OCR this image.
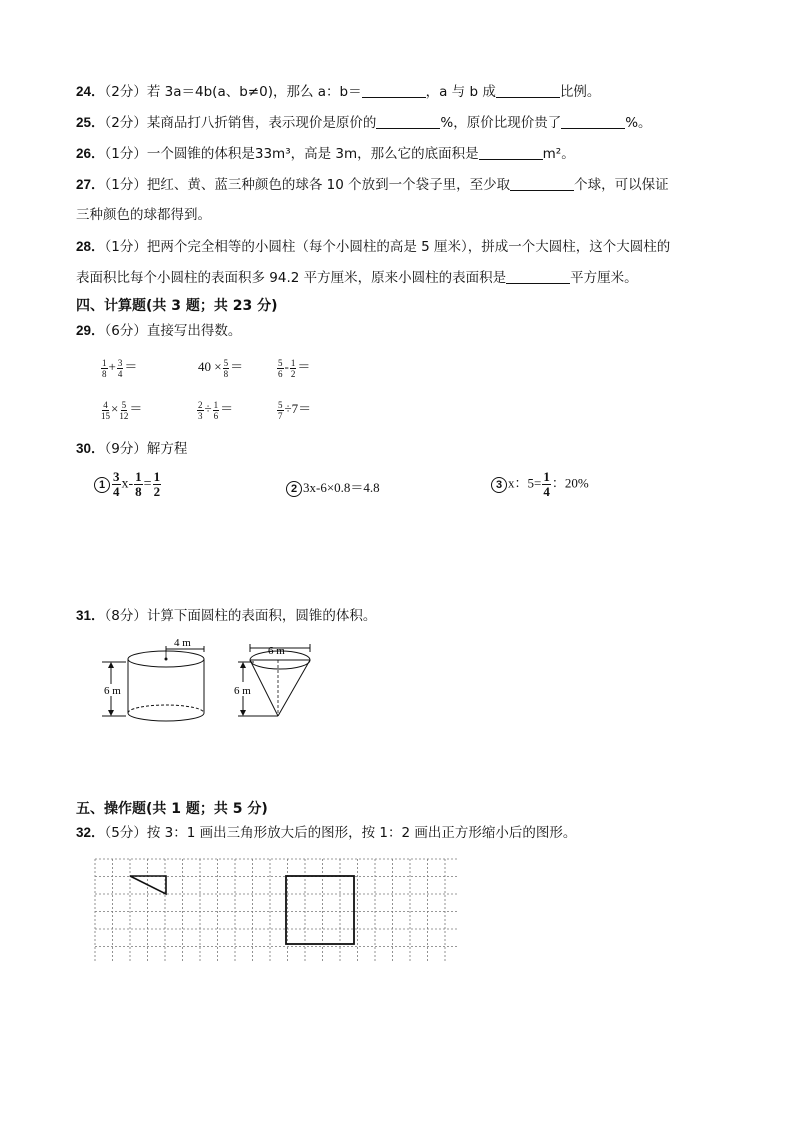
24．（2分）若 3a＝4b(a、b≠0)，那么 a：b＝	，a 与 b 成	比例。
25．（2分）某商品打八折销售，表示现价是原价的	%，原价比现价贵了	%。
26．（1分）一个圆锥的体积是33m³，高是 3m，那么它的底面积是	m²。
27．（1分）把红、黄、蓝三种颜色的球各 10 个放到一个袋子里，至少取	个球，可以保证
三种颜色的球都得到。
28．（1分）把两个完全相等的小圆柱（每个小圆柱的高是 5 厘米），拼成一个大圆柱，这个大圆柱的
表面积比每个小圆柱的表面积多 94.2 平方厘米，原来小圆柱的表面积是	平方厘米。
四、计算题(共 3 题；共 23 分)
29．（6分）直接写出得数。
$\frac{1}{8} + \frac{3}{4}$ ＝	$40 \times \frac{5}{8}$ ＝	$\frac{5}{6} - \frac{1}{2}$ ＝
$\frac{4}{15} \times \frac{5}{12}$ ＝	$\frac{2}{3} \div \frac{1}{6}$ ＝	$\frac{5}{7} \div 7=$
30．（9分）解方程
$1 \frac{3}{4} x- \frac{1}{8} = \frac{1}{2}$	2 3x-6×0.8＝4.8	3 x：$5= \frac{1}{4}$ ：20%
31．（8分）计算下面圆柱的表面积，圆锥的体积。
6 m
4 m
6 m
6 m
五、操作题(共 1 题；共 5 分)
32．（5分）按 3：1 画出三角形放大后的图形，按 1：2 画出正方形缩小后的图形。
